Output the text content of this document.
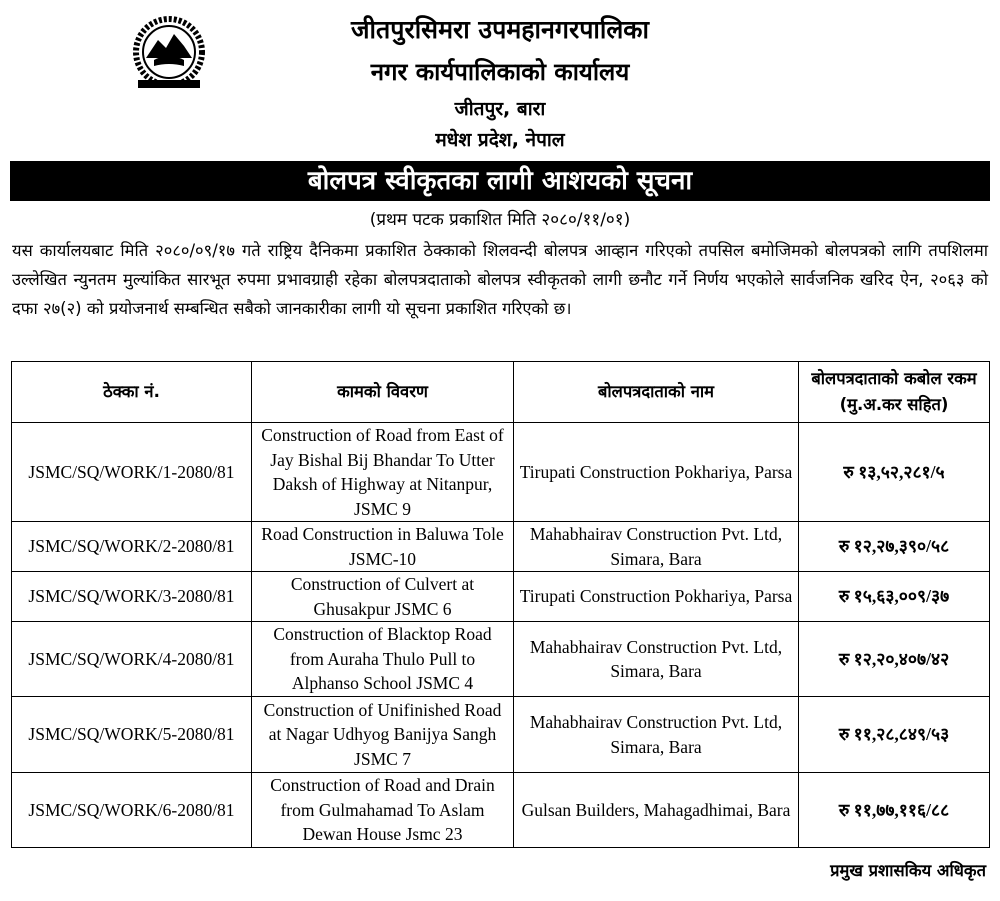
जीतपुरसिमरा उपमहानगरपालिका
नगर कार्यपालिकाको कार्यालय
जीतपुर, बारा
मधेश प्रदेश, नेपाल
बोलपत्र स्वीकृतका लागी आशयको सूचना
(प्रथम पटक प्रकाशित मिति २०८०/११/०१)
यस कार्यालयबाट मिति २०८०/०९/१७ गते राष्ट्रिय दैनिकमा प्रकाशित ठेक्काको शिलवन्दी बोलपत्र आव्हान गरिएको तपसिल बमोजिमको बोलपत्रको लागि तपशिलमा उल्लेखित न्युनतम मुल्यांकित सारभूत रुपमा प्रभावग्राही रहेका बोलपत्रदाताको बोलपत्र स्वीकृतको लागी छनौट गर्ने निर्णय भएकोले सार्वजनिक खरिद ऐन, २०६३ को दफा २७(२) को प्रयोजनार्थ सम्बन्धित सबैको जानकारीका लागी यो सूचना प्रकाशित गरिएको छ।
ठेक्का नं.	कामको विवरण	बोलपत्रदाताको नाम	बोलपत्रदाताको कबोल रकम (मु.अ.कर सहित)
JSMC/SQ/WORK/1-2080/81	Construction of Road from East of Jay Bishal Bij Bhandar To Utter Daksh of Highway at Nitanpur, JSMC 9	Tirupati Construction Pokhariya, Parsa	रु १३,५२,२८१/५
JSMC/SQ/WORK/2-2080/81	Road Construction in Baluwa Tole JSMC-10	Mahabhairav Construction Pvt. Ltd, Simara, Bara	रु १२,२७,३९०/५८
JSMC/SQ/WORK/3-2080/81	Construction of Culvert at Ghusakpur JSMC 6	Tirupati Construction Pokhariya, Parsa	रु १५,६३,००९/३७
JSMC/SQ/WORK/4-2080/81	Construction of Blacktop Road from Auraha Thulo Pull to Alphanso School JSMC 4	Mahabhairav Construction Pvt. Ltd, Simara, Bara	रु १२,२०,४०७/४२
JSMC/SQ/WORK/5-2080/81	Construction of Unifinished Road at Nagar Udhyog Banijya Sangh JSMC 7	Mahabhairav Construction Pvt. Ltd, Simara, Bara	रु ११,२८,८४९/५३
JSMC/SQ/WORK/6-2080/81	Construction of Road and Drain from Gulmahamad To Aslam Dewan House Jsmc 23	Gulsan Builders, Mahagadhimai, Bara	रु ११,७७,११६/८८
प्रमुख प्रशासकिय अधिकृत
